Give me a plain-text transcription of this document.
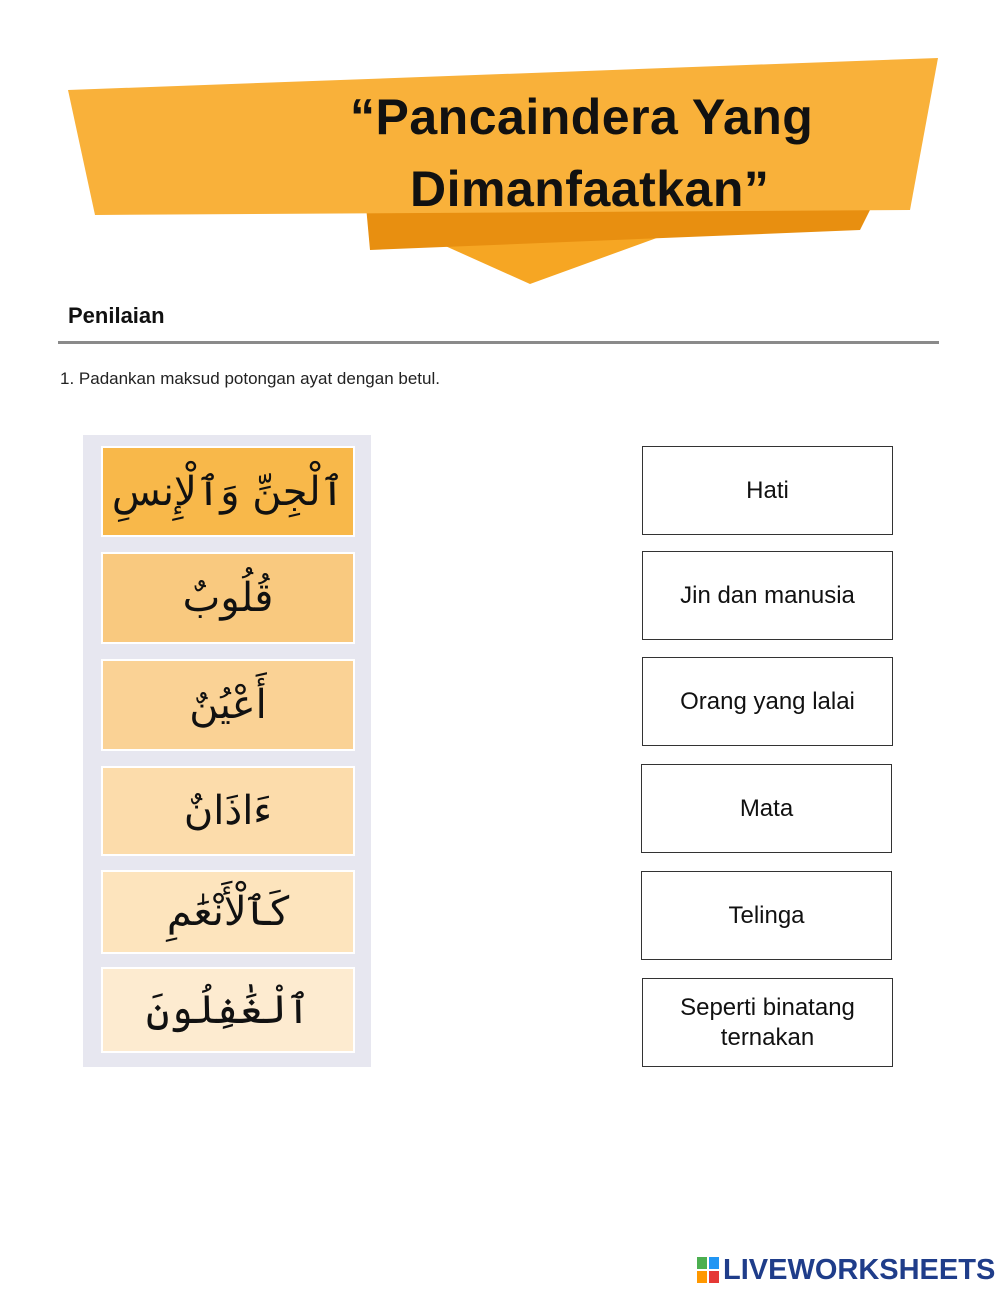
“Pancaindera Yang
Dimanfaatkan”
Penilaian
1. Padankan maksud potongan ayat dengan betul.
ٱلْجِنِّ وَٱلْإِنسِ
قُلُوبٌ
أَعْيُنٌ
ءَاذَانٌ
كَٱلْأَنْعَٰمِ
ٱلْغَٰفِلُونَ
Hati
Jin dan manusia
Orang yang lalai
Mata
Telinga
Seperti binatang ternakan
LIVEWORKSHEETS
